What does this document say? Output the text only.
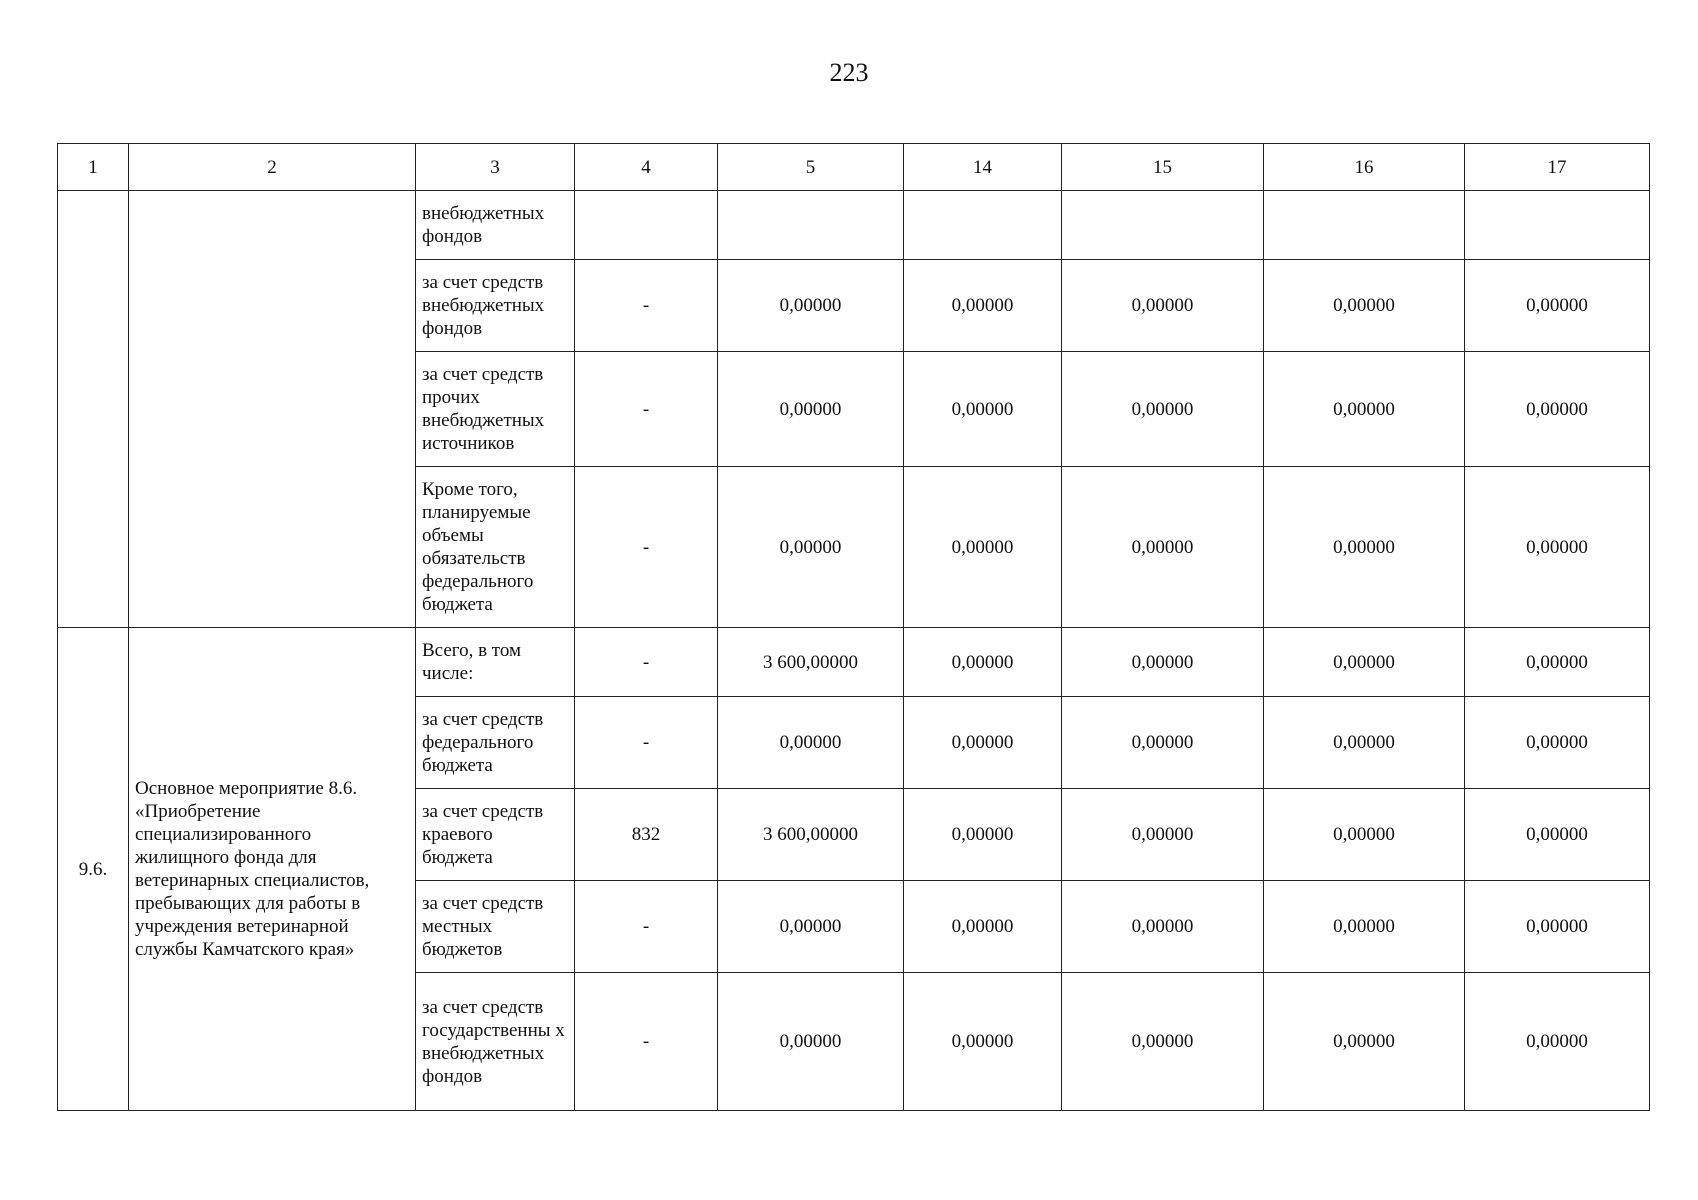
223
1	2	3	4	5	14	15	16	17
		внебюджетных фондов						
		за счет средств внебюджетных фондов	-	0,00000	0,00000	0,00000	0,00000	0,00000
		за счет средств прочих внебюджетных источников	-	0,00000	0,00000	0,00000	0,00000	0,00000
		Кроме того, планируемые объемы обязательств федерального бюджета	-	0,00000	0,00000	0,00000	0,00000	0,00000
9.6.	Основное мероприятие 8.6. «Приобретение специализированного жилищного фонда для ветеринарных специалистов, пребывающих для работы в учреждения ветеринарной службы Камчатского края»	Всего, в том числе:	-	3 600,00000	0,00000	0,00000	0,00000	0,00000
		за счет средств федерального бюджета	-	0,00000	0,00000	0,00000	0,00000	0,00000
		за счет средств краевого бюджета	832	3 600,00000	0,00000	0,00000	0,00000	0,00000
		за счет средств местных бюджетов	-	0,00000	0,00000	0,00000	0,00000	0,00000
		за счет средств государственны х внебюджетных фондов	-	0,00000	0,00000	0,00000	0,00000	0,00000
